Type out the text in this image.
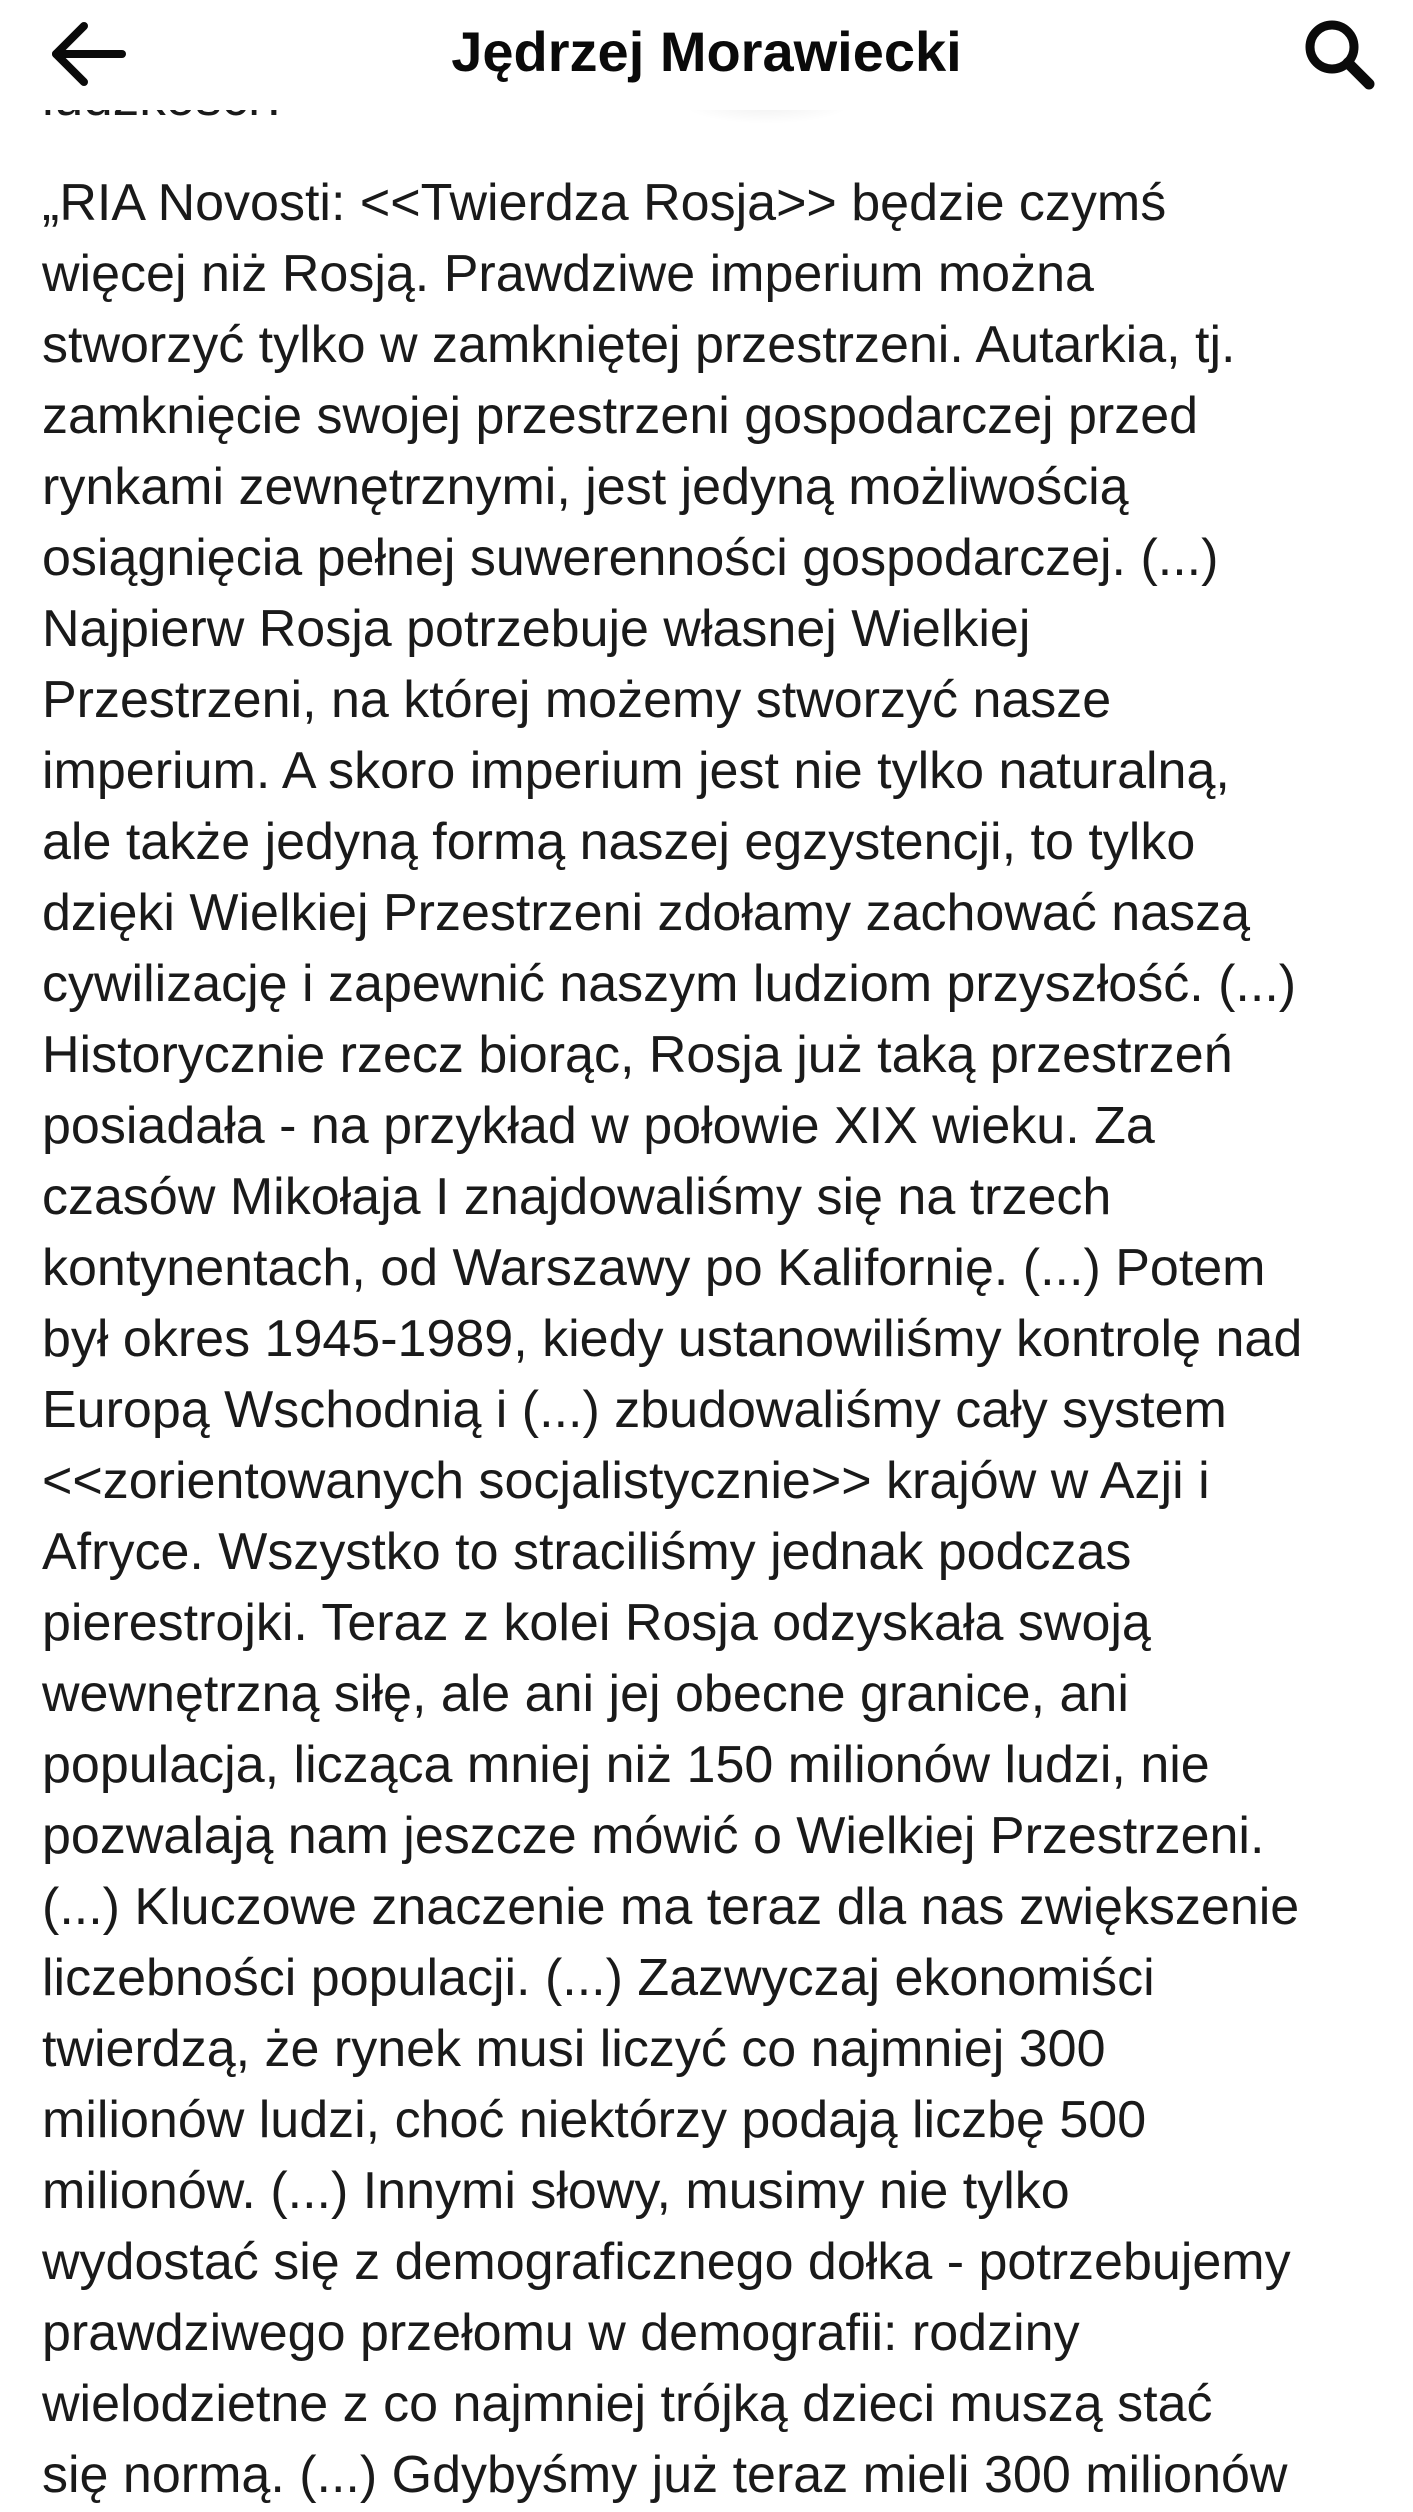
Jędrzej Morawiecki
„RIA Novosti: <<Twierdza Rosja>> będzie czymś
więcej niż Rosją. Prawdziwe imperium można
stworzyć tylko w zamkniętej przestrzeni. Autarkia, tj.
zamknięcie swojej przestrzeni gospodarczej przed
rynkami zewnętrznymi, jest jedyną możliwością
osiągnięcia pełnej suwerenności gospodarczej. (...)
Najpierw Rosja potrzebuje własnej Wielkiej
Przestrzeni, na której możemy stworzyć nasze
imperium. A skoro imperium jest nie tylko naturalną,
ale także jedyną formą naszej egzystencji, to tylko
dzięki Wielkiej Przestrzeni zdołamy zachować naszą
cywilizację i zapewnić naszym ludziom przyszłość. (...)
Historycznie rzecz biorąc, Rosja już taką przestrzeń
posiadała - na przykład w połowie XIX wieku. Za
czasów Mikołaja I znajdowaliśmy się na trzech
kontynentach, od Warszawy po Kalifornię. (...) Potem
był okres 1945-1989, kiedy ustanowiliśmy kontrolę nad
Europą Wschodnią i (...) zbudowaliśmy cały system
<<zorientowanych socjalistycznie>> krajów w Azji i
Afryce. Wszystko to straciliśmy jednak podczas
pierestrojki. Teraz z kolei Rosja odzyskała swoją
wewnętrzną siłę, ale ani jej obecne granice, ani
populacja, licząca mniej niż 150 milionów ludzi, nie
pozwalają nam jeszcze mówić o Wielkiej Przestrzeni.
(...) Kluczowe znaczenie ma teraz dla nas zwiększenie
liczebności populacji. (...) Zazwyczaj ekonomiści
twierdzą, że rynek musi liczyć co najmniej 300
milionów ludzi, choć niektórzy podają liczbę 500
milionów. (...) Innymi słowy, musimy nie tylko
wydostać się z demograficznego dołka - potrzebujemy
prawdziwego przełomu w demografii: rodziny
wielodzietne z co najmniej trójką dzieci muszą stać
się normą. (...) Gdybyśmy już teraz mieli 300 milionów
